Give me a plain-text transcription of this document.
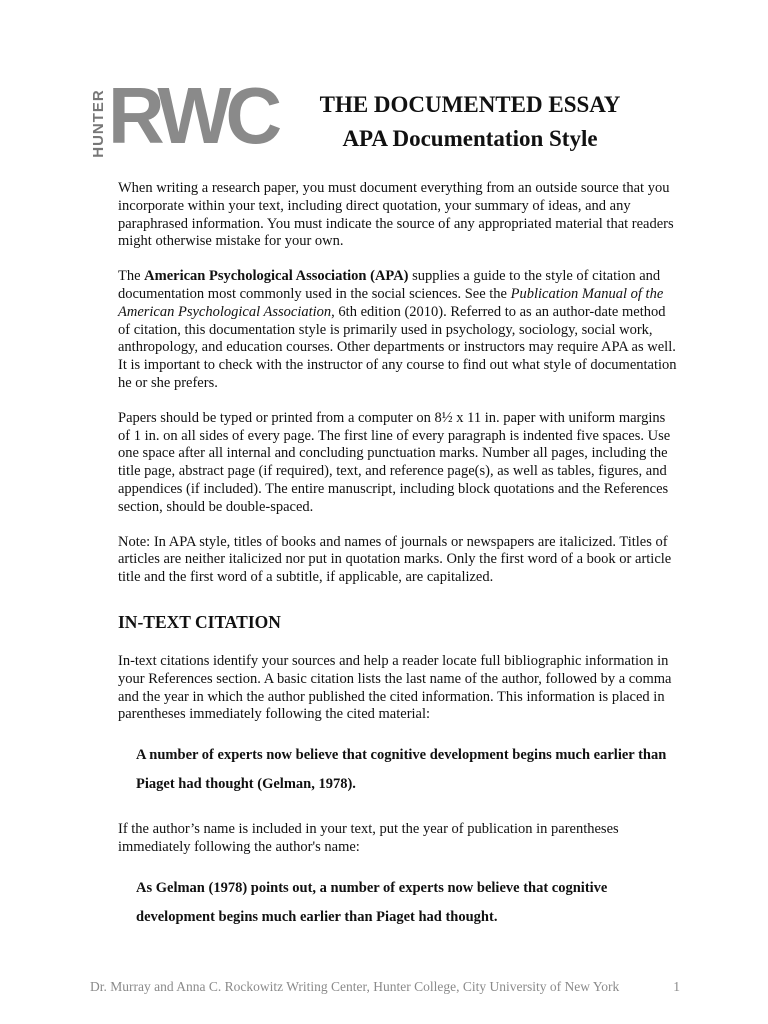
HUNTER RWC	THE DOCUMENTED ESSAY
APA Documentation Style

When writing a research paper, you must document everything from an outside source that you incorporate within your text, including direct quotation, your summary of ideas, and any paraphrased information. You must indicate the source of any appropriated material that readers might otherwise mistake for your own.

The American Psychological Association (APA) supplies a guide to the style of citation and documentation most commonly used in the social sciences. See the Publication Manual of the American Psychological Association, 6th edition (2010). Referred to as an author-date method of citation, this documentation style is primarily used in psychology, sociology, social work, anthropology, and education courses. Other departments or instructors may require APA as well. It is important to check with the instructor of any course to find out what style of documentation he or she prefers.

Papers should be typed or printed from a computer on 8½ x 11 in. paper with uniform margins of 1 in. on all sides of every page. The first line of every paragraph is indented five spaces. Use one space after all internal and concluding punctuation marks. Number all pages, including the title page, abstract page (if required), text, and reference page(s), as well as tables, figures, and appendices (if included). The entire manuscript, including block quotations and the References section, should be double-spaced.

Note: In APA style, titles of books and names of journals or newspapers are italicized. Titles of articles are neither italicized nor put in quotation marks. Only the first word of a book or article title and the first word of a subtitle, if applicable, are capitalized.

IN-TEXT CITATION

In-text citations identify your sources and help a reader locate full bibliographic information in your References section. A basic citation lists the last name of the author, followed by a comma and the year in which the author published the cited information. This information is placed in parentheses immediately following the cited material:

A number of experts now believe that cognitive development begins much earlier than Piaget had thought (Gelman, 1978).

If the author’s name is included in your text, put the year of publication in parentheses immediately following the author's name:

As Gelman (1978) points out, a number of experts now believe that cognitive development begins much earlier than Piaget had thought.
Dr. Murray and Anna C. Rockowitz Writing Center, Hunter College, City University of New York	1
